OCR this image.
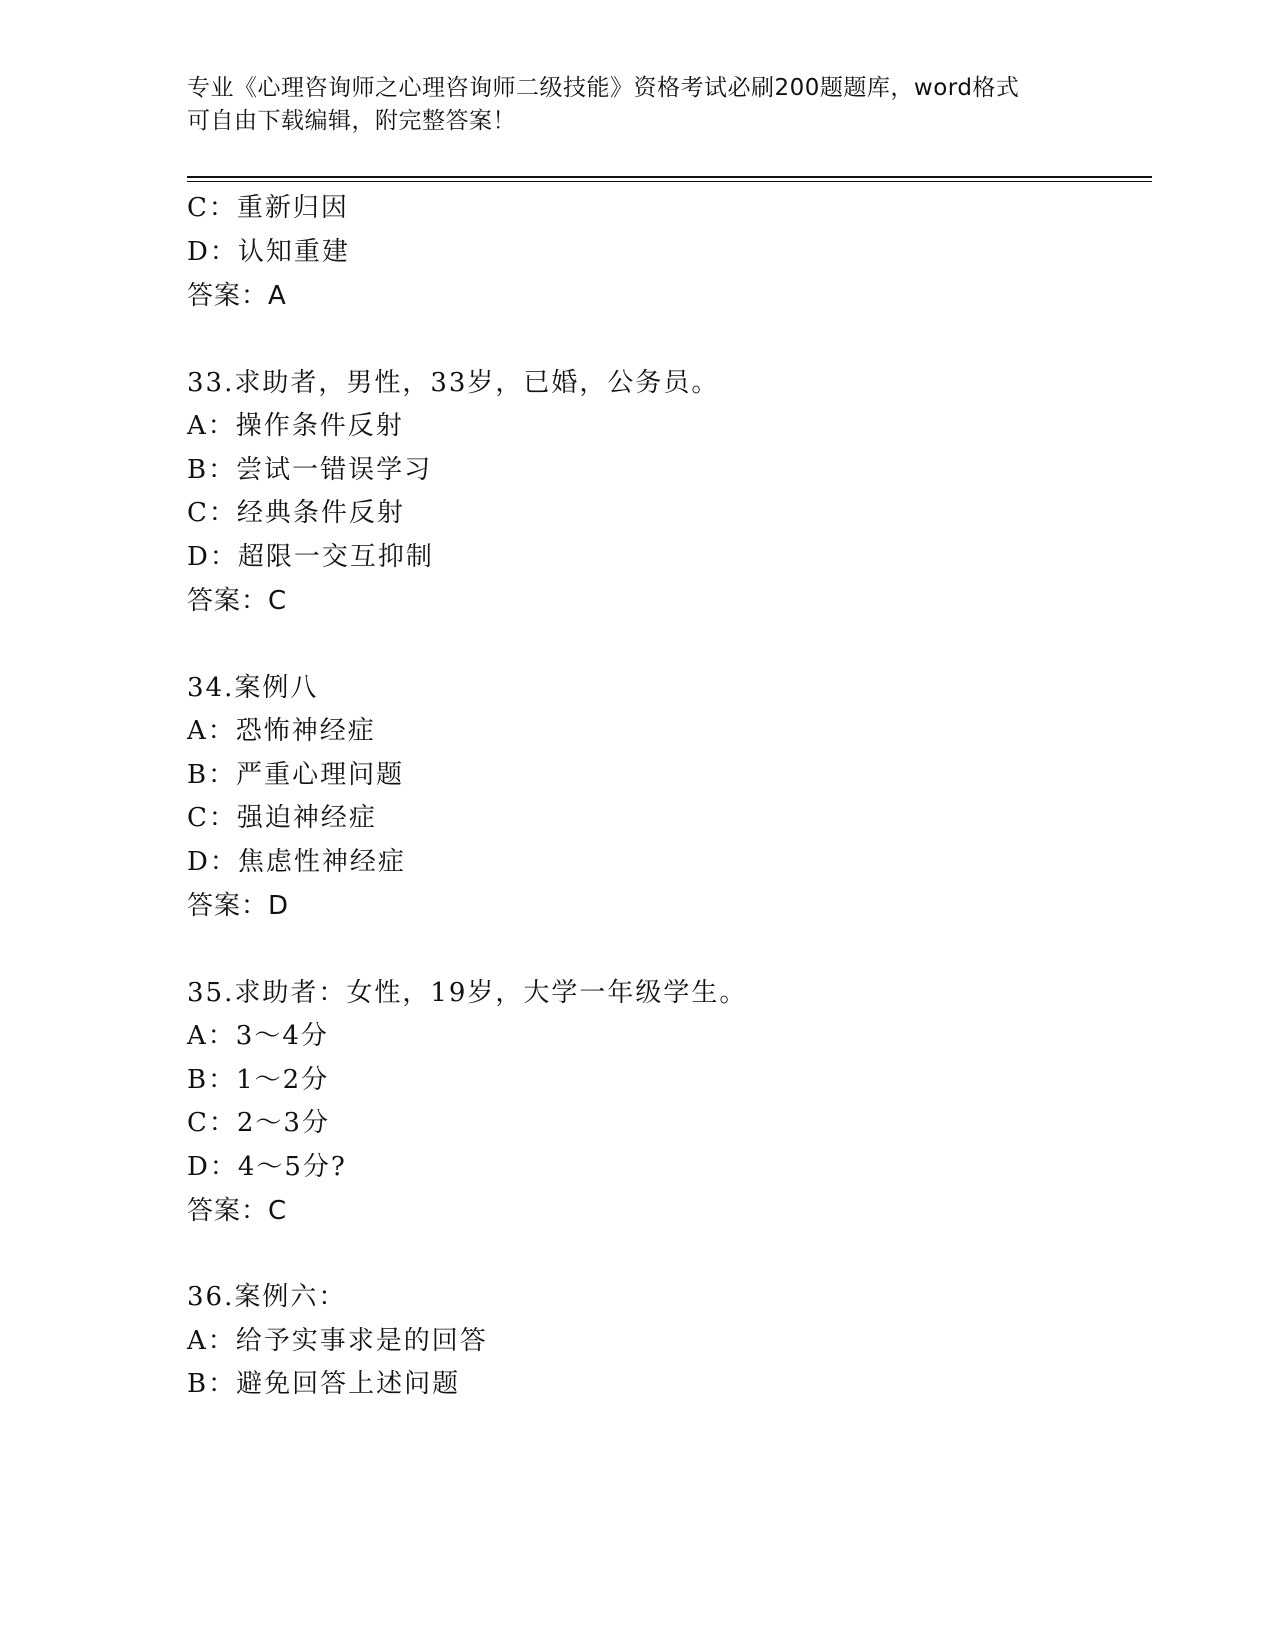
专业《心理咨询师之心理咨询师二级技能》资格考试必刷200题题库，word格式
可自由下载编辑，附完整答案！
C：重新归因
D：认知重建
答案：A
33.求助者，男性，33岁，已婚，公务员。
A：操作条件反射
B：尝试一错误学习
C：经典条件反射
D：超限一交互抑制
答案：C
34.案例八
A：恐怖神经症
B：严重心理问题
C：强迫神经症
D：焦虑性神经症
答案：D
35.求助者：女性，19岁，大学一年级学生。
A：3～4分
B：1～2分
C：2～3分
D：4～5分?
答案：C
36.案例六：
A：给予实事求是的回答
B：避免回答上述问题
